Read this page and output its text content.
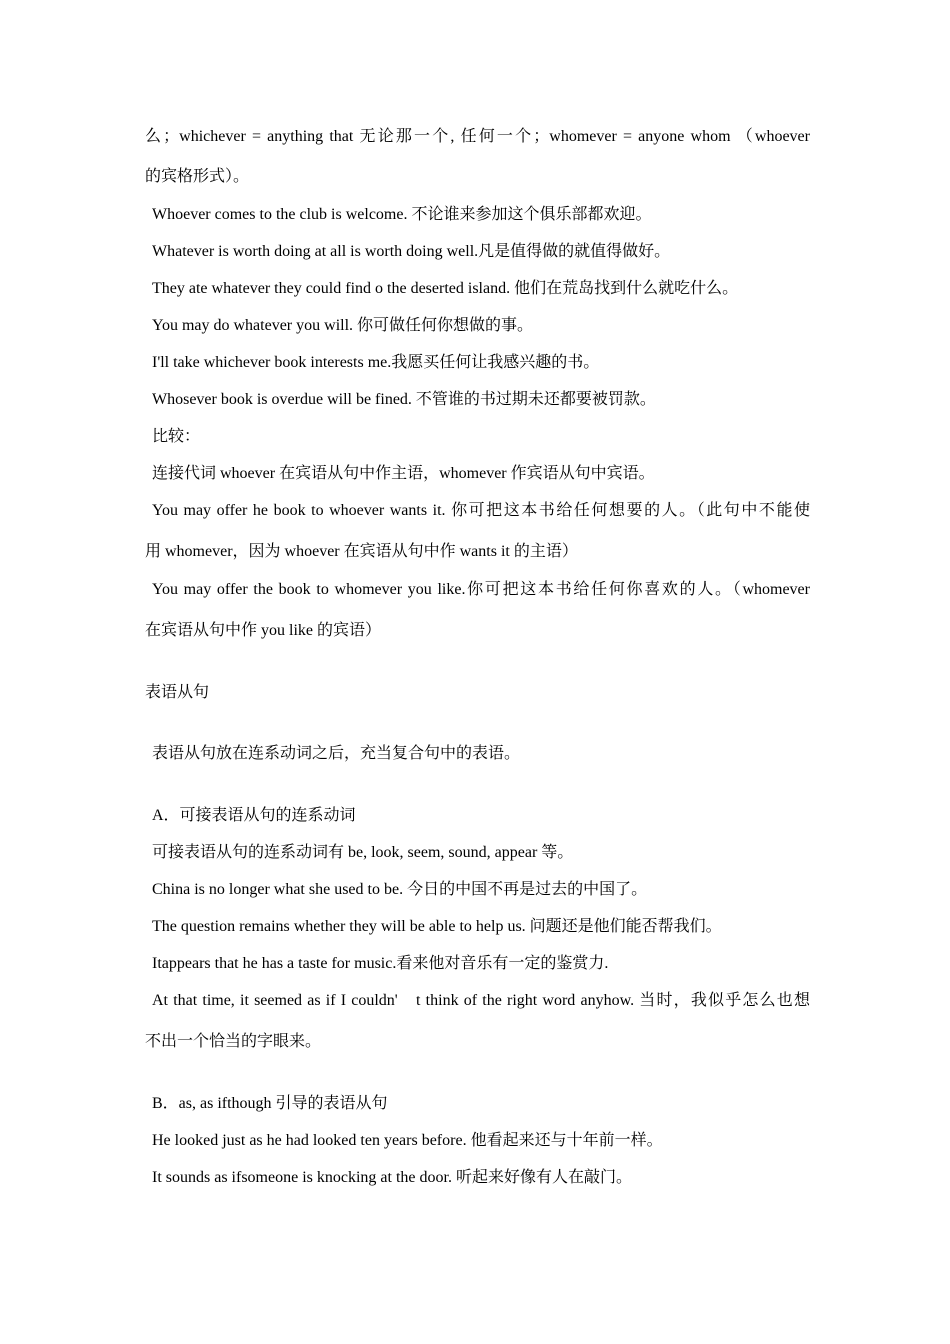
么；whichever = anything that 无论那一个, 任何一个；whomever = anyone whom （whoever
的宾格形式）。
Whoever comes to the club is welcome. 不论谁来参加这个俱乐部都欢迎。
Whatever is worth doing at all is worth doing well.凡是值得做的就值得做好。
They ate whatever they could find o the deserted island. 他们在荒岛找到什么就吃什么。
You may do whatever you will. 你可做任何你想做的事。
I'll take whichever book interests me.我愿买任何让我感兴趣的书。
Whosever book is overdue will be fined. 不管谁的书过期未还都要被罚款。
比较：
连接代词 whoever 在宾语从句中作主语，whomever 作宾语从句中宾语。
You may offer he book to whoever wants it. 你可把这本书给任何想要的人。（此句中不能使
用 whomever，因为 whoever 在宾语从句中作 wants it 的主语）
You may offer the book to whomever you like.你可把这本书给任何你喜欢的人。（whomever
在宾语从句中作 you like 的宾语）
表语从句
表语从句放在连系动词之后，充当复合句中的表语。
A．可接表语从句的连系动词
可接表语从句的连系动词有 be, look, seem, sound, appear 等。
China is no longer what she used to be. 今日的中国不再是过去的中国了。
The question remains whether they will be able to help us. 问题还是他们能否帮我们。
Itappears that he has a taste for music.看来他对音乐有一定的鉴赏力.
At that time, it seemed as if I couldn'　t think of the right word anyhow. 当时，我似乎怎么也想
不出一个恰当的字眼来。
B．as, as ifthough 引导的表语从句
He looked just as he had looked ten years before. 他看起来还与十年前一样。
It sounds as ifsomeone is knocking at the door. 听起来好像有人在敲门。
